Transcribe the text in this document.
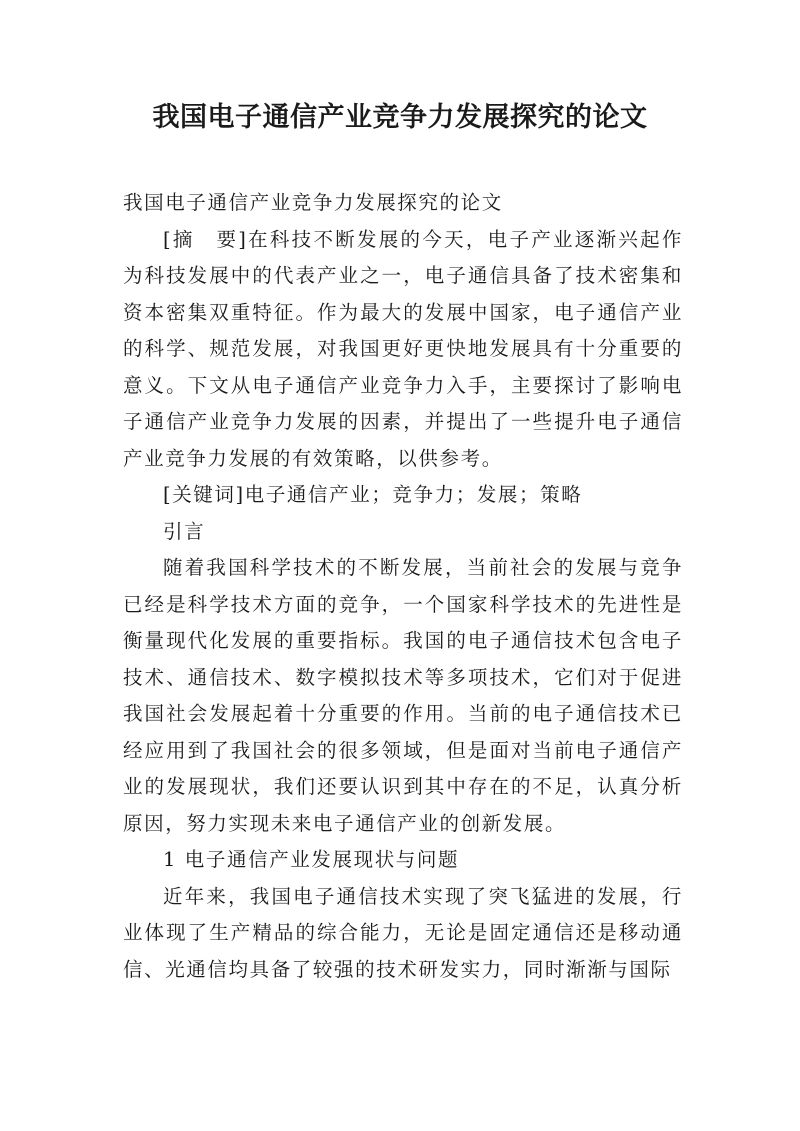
我国电子通信产业竞争力发展探究的论文

我国电子通信产业竞争力发展探究的论文

[摘　要]在科技不断发展的今天，电子产业逐渐兴起作为科技发展中的代表产业之一，电子通信具备了技术密集和资本密集双重特征。作为最大的发展中国家，电子通信产业的科学、规范发展，对我国更好更快地发展具有十分重要的意义。下文从电子通信产业竞争力入手，主要探讨了影响电子通信产业竞争力发展的因素，并提出了一些提升电子通信产业竞争力发展的有效策略，以供参考。

[关键词]电子通信产业；竞争力；发展；策略

引言

随着我国科学技术的不断发展，当前社会的发展与竞争已经是科学技术方面的竞争，一个国家科学技术的先进性是衡量现代化发展的重要指标。我国的电子通信技术包含电子技术、通信技术、数字模拟技术等多项技术，它们对于促进我国社会发展起着十分重要的作用。当前的电子通信技术已经应用到了我国社会的很多领域，但是面对当前电子通信产业的发展现状，我们还要认识到其中存在的不足，认真分析原因，努力实现未来电子通信产业的创新发展。

1 电子通信产业发展现状与问题

近年来，我国电子通信技术实现了突飞猛进的发展，行业体现了生产精品的综合能力，无论是固定通信还是移动通信、光通信均具备了较强的技术研发实力，同时渐渐与国际
